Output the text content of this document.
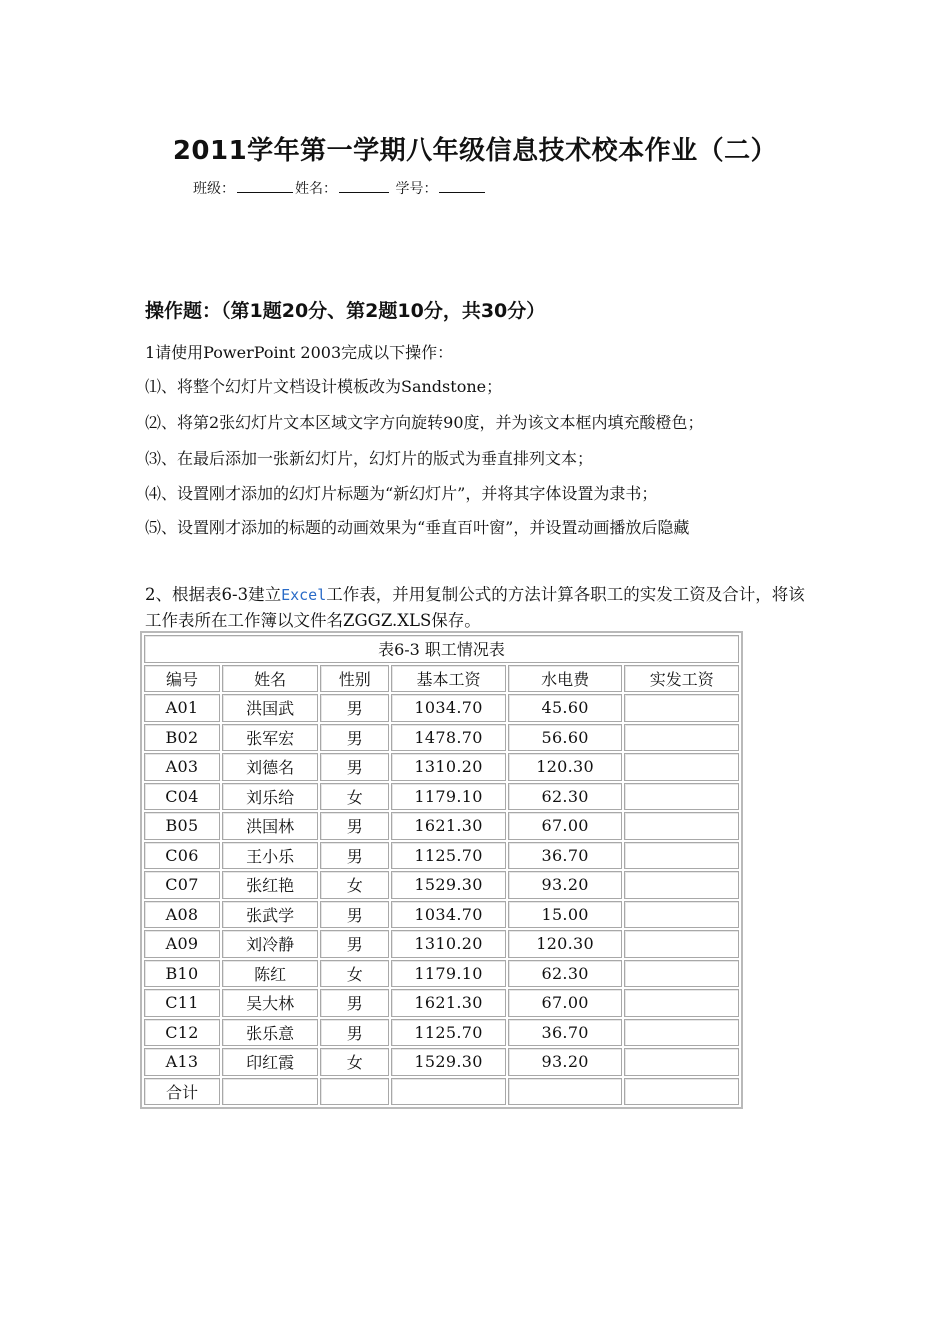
2011学年第一学期八年级信息技术校本作业（二）
班级：	姓名：	学号：
操作题：（第1题20分、第2题10分，共30分）
1请使用PowerPoint 2003完成以下操作：
⑴、将整个幻灯片文档设计模板改为Sandstone；
⑵、将第2张幻灯片文本区域文字方向旋转90度，并为该文本框内填充酸橙色；
⑶、在最后添加一张新幻灯片，幻灯片的版式为垂直排列文本；
⑷、设置刚才添加的幻灯片标题为“新幻灯片”，并将其字体设置为隶书；
⑸、设置刚才添加的标题的动画效果为“垂直百叶窗”，并设置动画播放后隐藏
2、根据表6-3建立Excel工作表，并用复制公式的方法计算各职工的实发工资及合计，将该工作表所在工作簿以文件名ZGGZ.XLS保存。
表6-3 职工情况表					
编号	姓名	性别	基本工资	水电费	实发工资
A01	洪国武	男	1034.70	45.60	
B02	张军宏	男	1478.70	56.60	
A03	刘德名	男	1310.20	120.30	
C04	刘乐给	女	1179.10	62.30	
B05	洪国林	男	1621.30	67.00	
C06	王小乐	男	1125.70	36.70	
C07	张红艳	女	1529.30	93.20	
A08	张武学	男	1034.70	15.00	
A09	刘冷静	男	1310.20	120.30	
B10	陈红	女	1179.10	62.30	
C11	吴大林	男	1621.30	67.00	
C12	张乐意	男	1125.70	36.70	
A13	印红霞	女	1529.30	93.20	
合计					
